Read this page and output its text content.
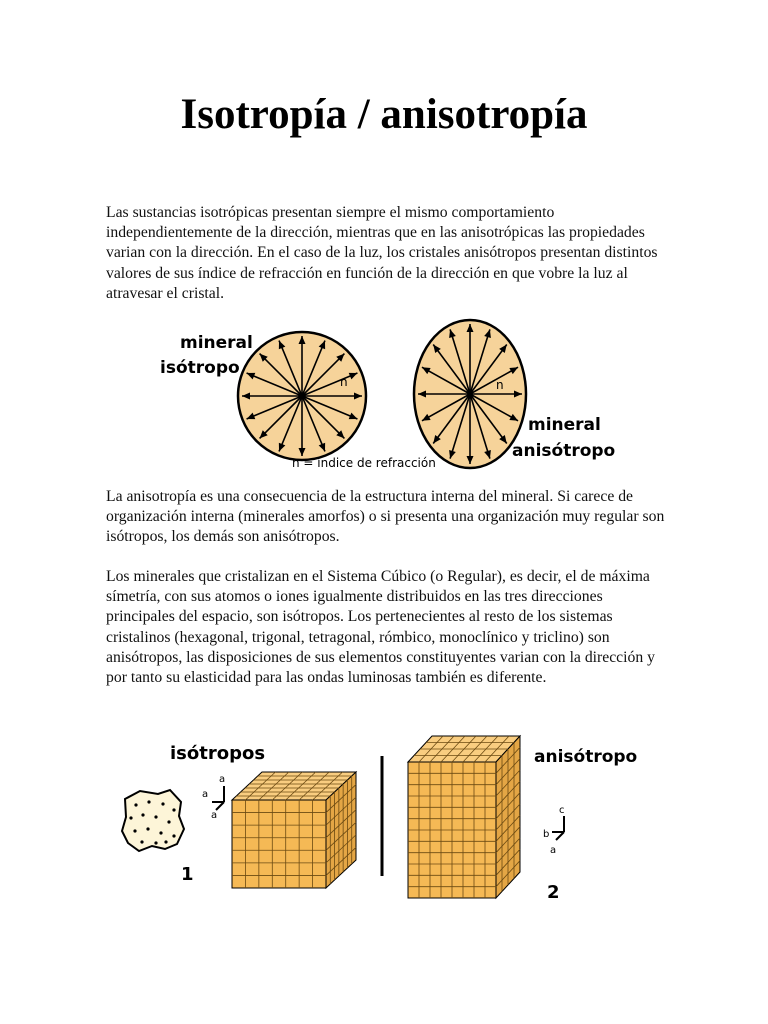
Isotropía / anisotropía

Las sustancias isotrópicas presentan siempre el mismo comportamiento independientemente de la dirección, mientras que en las anisotrópicas las propiedades varian con la dirección. En el caso de la luz, los cristales anisótropos presentan distintos valores de sus índice de refracción en función de la dirección en que vobre la luz al atravesar el cristal.

mineral
isótropo
mineral
anisótropo
n	n
n = índice de refracción

La anisotropía es una consecuencia de la estructura interna del mineral. Si carece de organización interna (minerales amorfos) o si presenta una organización muy regular son isótropos, los demás son anisótropos.

Los minerales que cristalizan en el Sistema Cúbico (o Regular), es decir, el de máxima símetría, con sus atomos o iones igualmente distribuidos en las tres direcciones principales del espacio, son isótropos. Los pertenecientes al resto de los sistemas cristalinos (hexagonal, trigonal, tetragonal, rómbico, monoclínico y triclino) son anisótropos, las disposiciones de sus elementos constituyentes varian con la dirección y por tanto su elasticidad para las ondas luminosas también es diferente.

isótropos	anisótropo
a
a
a
1
c
b
a
2
